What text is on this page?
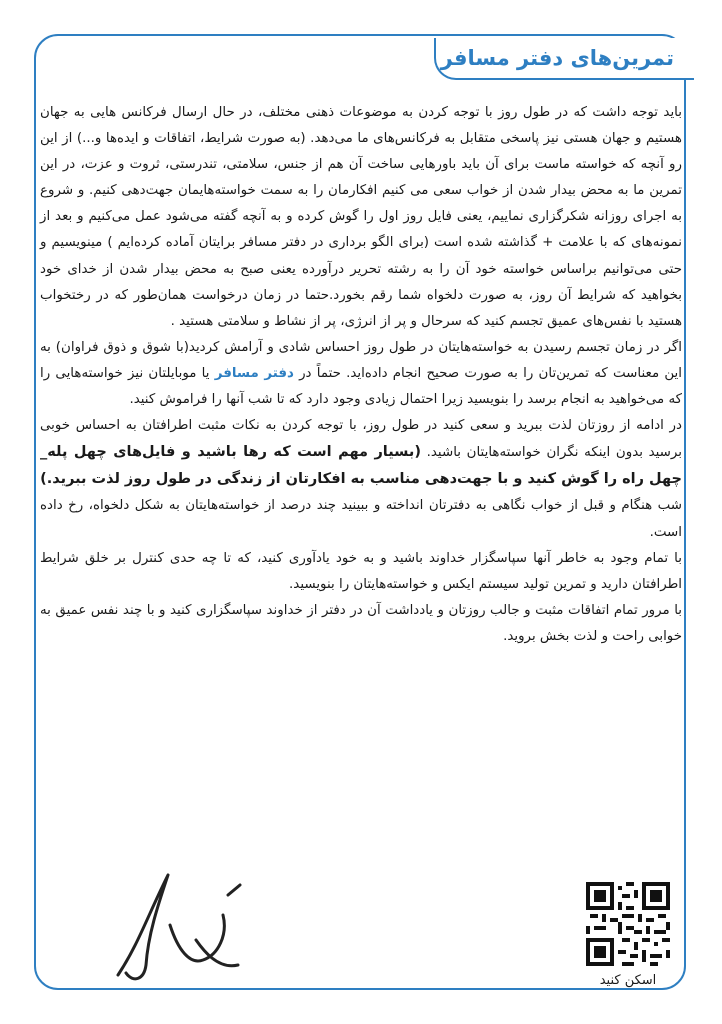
تمرین‌های دفتر مسافر

باید توجه داشت که در طول روز با توجه کردن به موضوعات ذهنی مختلف، در حال ارسال فرکانس هایی به جهان هستیم و جهان هستی نیز پاسخی متقابل به فرکانس‌های ما می‌دهد. (به صورت شرایط، اتفاقات و ایده‌ها و...) از این رو آنچه که خواسته ماست برای آن باید باورهایی ساخت آن هم از جنس، سلامتی، تندرستی، ثروت و عزت، در این تمرین ما به محض بیدار شدن از خواب سعی می کنیم افکارمان را به سمت خواسته‌هایمان جهت‌دهی کنیم. و شروع به اجرای روزانه شکرگزاری نماییم، یعنی فایل روز اول را گوش کرده و به آنچه گفته می‌شود عمل می‌کنیم و بعد از نمونه‌های که با علامت + گذاشته شده است (برای الگو برداری در دفتر مسافر برایتان آماده کرده‌ایم ) مینویسیم و حتی می‌توانیم براساس خواسته خود آن را به رشته تحریر درآورده یعنی صبح به محض بیدار شدن از خدای خود بخواهید که شرایط آن روز، به صورت دلخواه شما رقم بخورد.حتما در زمان درخواست همان‌طور که در رختخواب هستید با نفس‌های عمیق تجسم کنید که سرحال و پر از انرژی، پر از نشاط و سلامتی هستید .

اگر در زمان تجسم رسیدن به خواسته‌هایتان در طول روز احساس شادی و آرامش کردید(با شوق و ذوق فراوان) به این معناست که تمرین‌تان را به صورت صحیح انجام داده‌اید. حتماً در دفتر مسافر یا موبایلتان نیز خواسته‌هایی را که می‌خواهید به انجام برسد را بنویسید زیرا احتمال زیادی وجود دارد که تا شب آنها را فراموش کنید.

در ادامه از روزتان لذت ببرید و سعی کنید در طول روز، با توجه کردن به نکات مثبت اطرافتان به احساس خوبی برسید بدون اینکه نگران خواسته‌هایتان باشید. (بسیار مهم است که رها باشید و فایل‌های چهل پله_ چهل راه را گوش کنید و با جهت‌دهی مناسب به افکارتان از زندگی در طول روز لذت ببرید.)

شب هنگام و قبل از خواب نگاهی به دفترتان انداخته و ببینید چند درصد از خواسته‌هایتان به شکل دلخواه، رخ داده است.

با تمام وجود به خاطر آنها سپاسگزار خداوند باشید و به خود یادآوری کنید، که تا چه حدی کنترل بر خلق شرایط اطرافتان دارید و تمرین تولید سیستم ایکس و خواسته‌هایتان را بنویسید.

با مرور تمام اتفاقات مثبت و جالب روزتان و یادداشت آن در دفتر از خداوند سپاسگزاری کنید و با چند نفس عمیق به خوابی راحت و لذت بخش بروید.

اسکن کنید
